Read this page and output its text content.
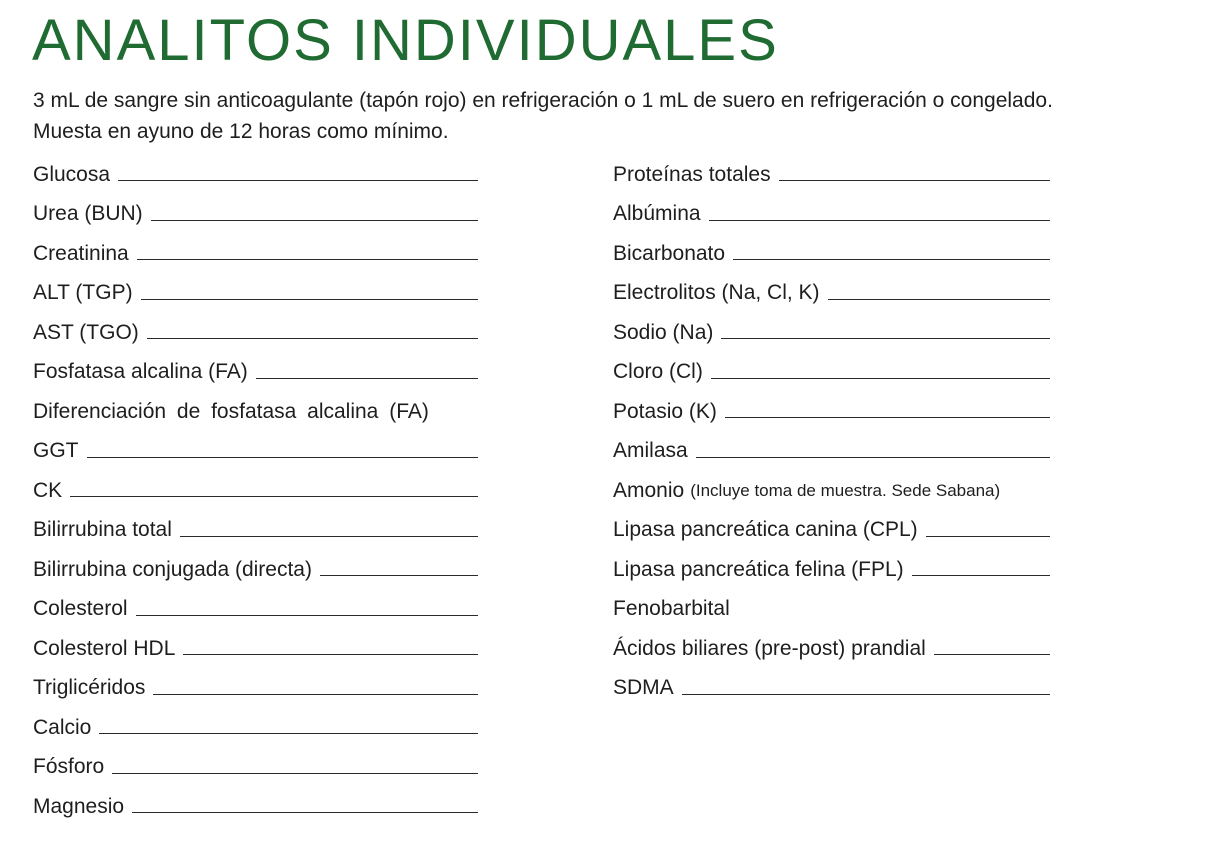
ANALITOS INDIVIDUALES
3 mL de sangre sin anticoagulante (tapón rojo) en refrigeración o 1 mL de suero en refrigeración o congelado.
Muesta en ayuno de 12 horas como mínimo.
Glucosa
Urea (BUN)
Creatinina
ALT (TGP)
AST (TGO)
Fosfatasa alcalina (FA)
Diferenciación de fosfatasa alcalina (FA)
GGT
CK
Bilirrubina total
Bilirrubina conjugada (directa)
Colesterol
Colesterol HDL
Triglicéridos
Calcio
Fósforo
Magnesio
Proteínas totales
Albúmina
Bicarbonato
Electrolitos (Na, Cl, K)
Sodio (Na)
Cloro (Cl)
Potasio (K)
Amilasa
Amonio (Incluye toma de muestra. Sede Sabana)
Lipasa pancreática canina (CPL)
Lipasa pancreática felina (FPL)
Fenobarbital
Ácidos biliares (pre-post) prandial
SDMA
